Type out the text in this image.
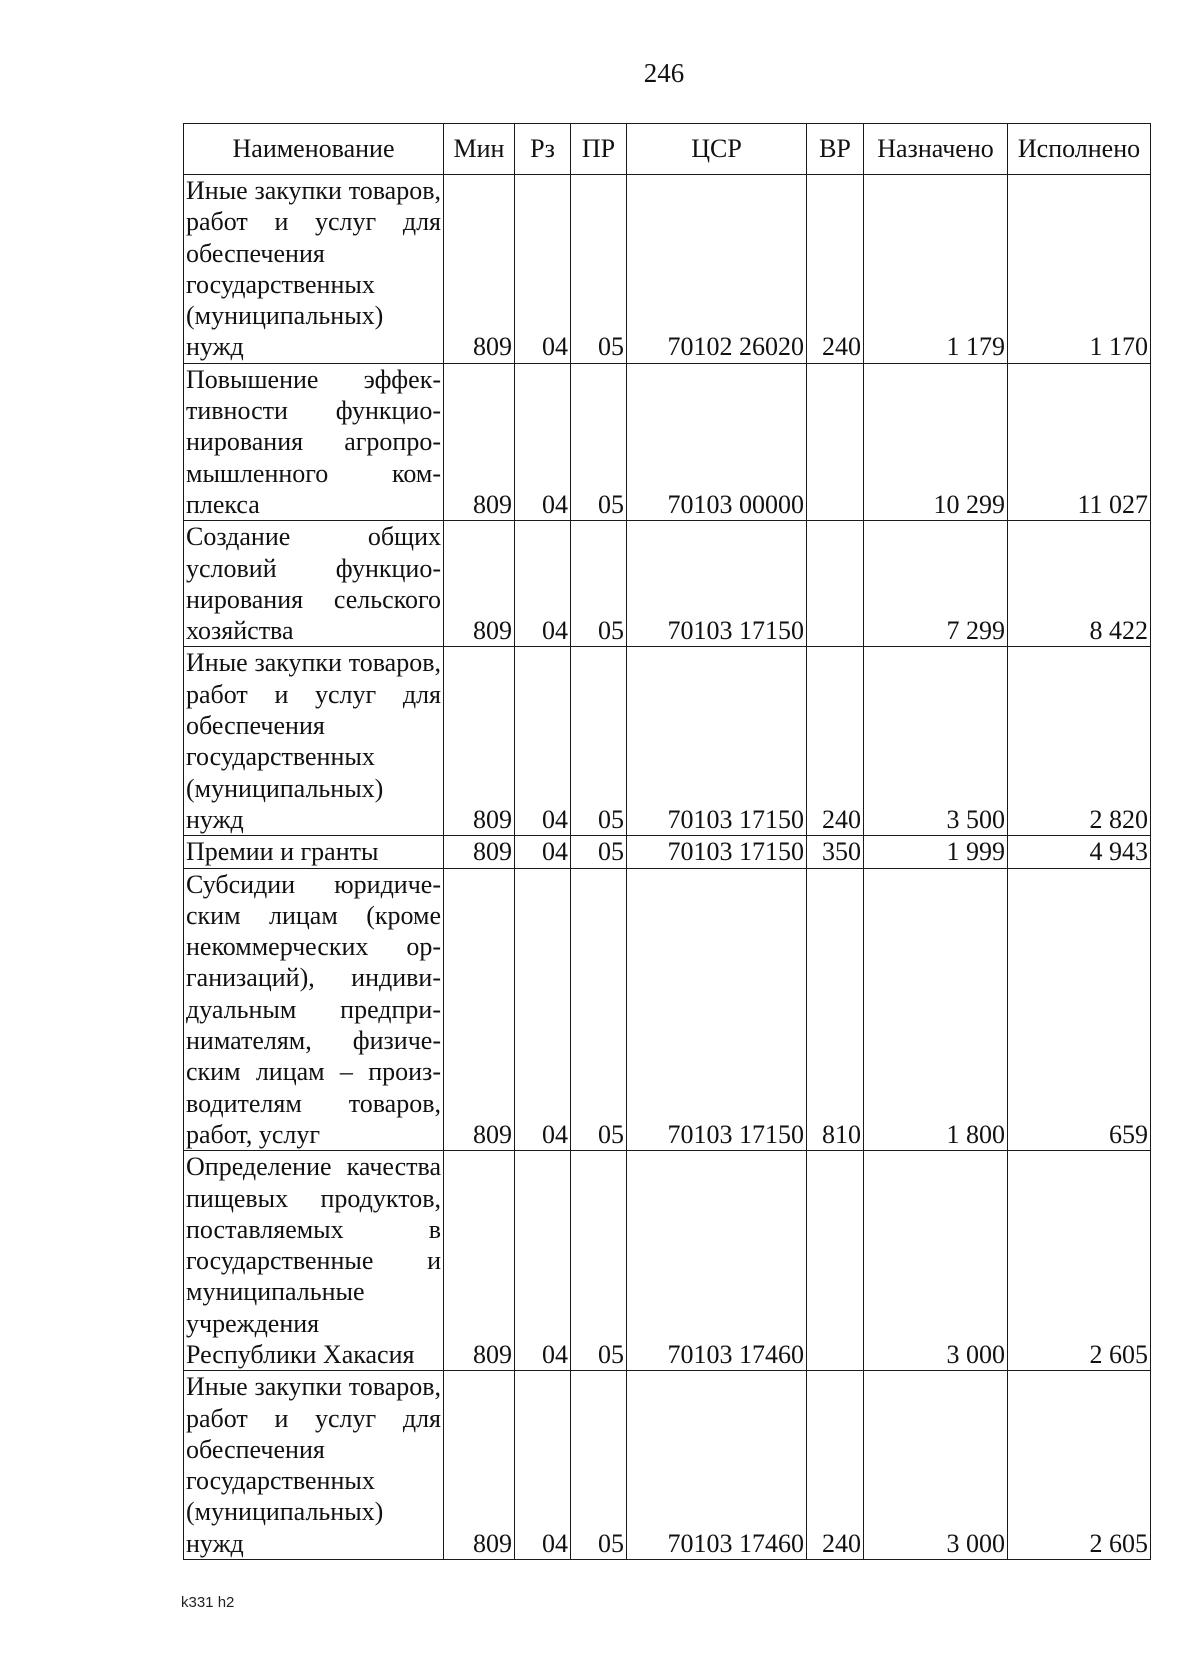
246
Наименование	Мин	Рз	ПР	ЦСР	ВР	Назначено	Исполнено
Иные закупки товаров, работ и услуг для обеспечения государственных (муниципальных) нужд	809	04	05	70102 26020	240	1 179	1 170
Повышение эффективности функционирования агропромышленного комплекса	809	04	05	70103 00000		10 299	11 027
Создание общих условий функционирования сельского хозяйства	809	04	05	70103 17150		7 299	8 422
Иные закупки товаров, работ и услуг для обеспечения государственных (муниципальных) нужд	809	04	05	70103 17150	240	3 500	2 820
Премии и гранты	809	04	05	70103 17150	350	1 999	4 943
Субсидии юридическим лицам (кроме некоммерческих организаций), индивидуальным предпринимателям, физическим лицам – производителям товаров, работ, услуг	809	04	05	70103 17150	810	1 800	659
Определение качества пищевых продуктов, поставляемых в государственные и муниципальные учреждения Республики Хакасия	809	04	05	70103 17460		3 000	2 605
Иные закупки товаров, работ и услуг для обеспечения государственных (муниципальных) нужд	809	04	05	70103 17460	240	3 000	2 605
k331 h2
